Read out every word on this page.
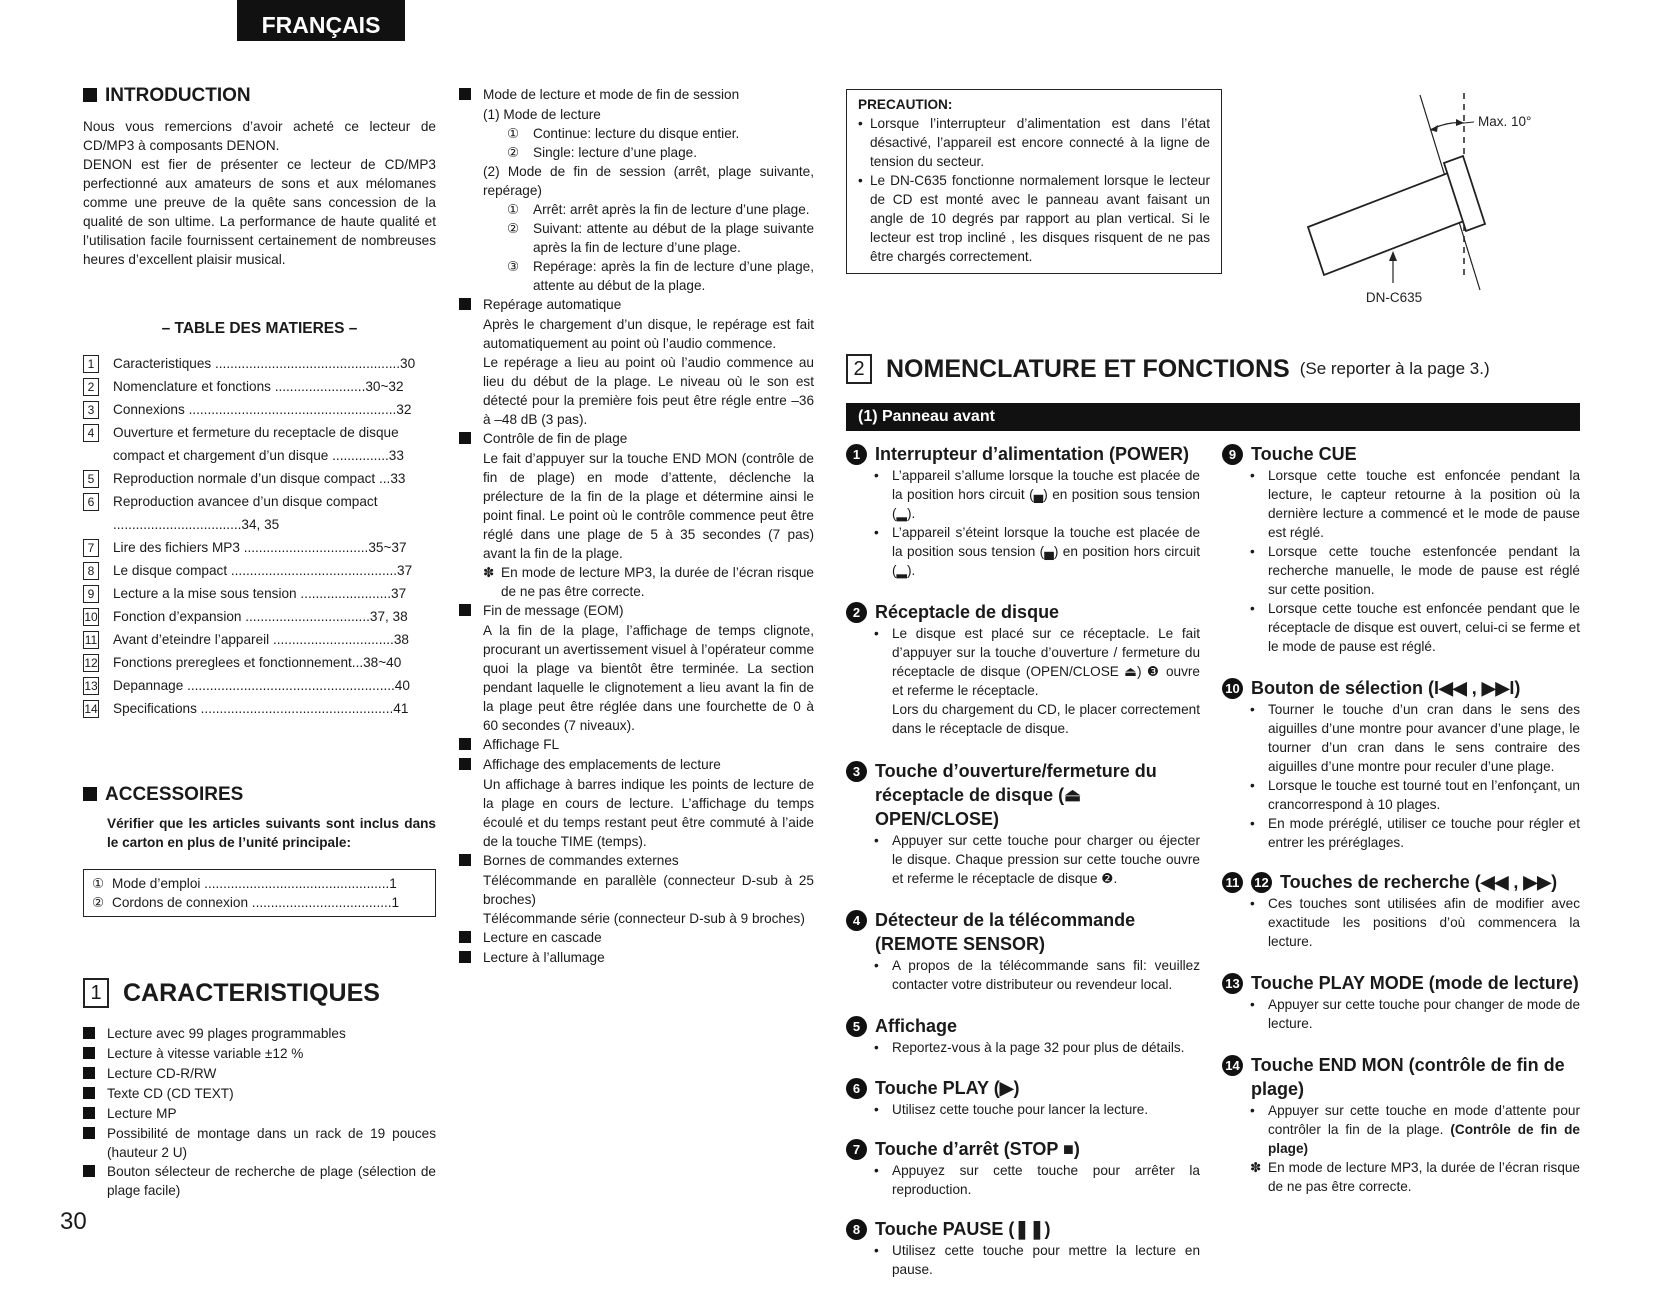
FRANÇAIS
INTRODUCTION
Nous vous remercions d’avoir acheté ce lecteur de CD/MP3 à composants DENON.
DENON est fier de présenter ce lecteur de CD/MP3 perfectionné aux amateurs de sons et aux mélomanes comme une preuve de la quête sans concession de la qualité de son ultime. La performance de haute qualité et l’utilisation facile fournissent certainement de nombreuses heures d’excellent plaisir musical.
– TABLE DES MATIERES –
1	Caracteristiques .................................................30
2	Nomenclature et fonctions ........................30~32
3	Connexions .......................................................32
4	Ouverture et fermeture du receptacle de disque compact et chargement d’un disque ...............33
5	Reproduction normale d’un disque compact ...33
6	Reproduction avancee d’un disque compact ..................................34, 35
7	Lire des fichiers MP3 .................................35~37
8	Le disque compact ............................................37
9	Lecture a la mise sous tension ........................37
10 Fonction d’expansion .................................37, 38
11 Avant d’eteindre l’appareil ................................38
12 Fonctions prereglees et fonctionnement...38~40
13 Depannage .......................................................40
14 Specifications ...................................................41
ACCESSOIRES
Vérifier que les articles suivants sont inclus dans le carton en plus de l’unité principale:
① Mode d’emploi .................................................1
② Cordons de connexion .....................................1
1 CARACTERISTIQUES
Lecture avec 99 plages programmables
Lecture à vitesse variable ±12 %
Lecture CD-R/RW
Texte CD (CD TEXT)
Lecture MP
Possibilité de montage dans un rack de 19 pouces (hauteur 2 U)
Bouton sélecteur de recherche de plage (sélection de plage facile)
30
Mode de lecture et mode de fin de session
(1) Mode de lecture
①	Continue: lecture du disque entier.
②	Single: lecture d’une plage.
(2) Mode de fin de session (arrêt, plage suivante, repérage)
①	Arrêt: arrêt après la fin de lecture d’une plage.
②	Suivant: attente au début de la plage suivante après la fin de lecture d’une plage.
③	Repérage: après la fin de lecture d’une plage, attente au début de la plage.
Repérage automatique
Après le chargement d’un disque, le repérage est fait automatiquement au point où l’audio commence.
Le repérage a lieu au point où l’audio commence au lieu du début de la plage. Le niveau où le son est détecté pour la première fois peut être régle entre –36 à –48 dB (3 pas).
Contrôle de fin de plage
Le fait d’appuyer sur la touche END MON (contrôle de fin de plage) en mode d’attente, déclenche la prélecture de la fin de la plage et détermine ainsi le point final. Le point où le contrôle commence peut être réglé dans une plage de 5 à 35 secondes (7 pas) avant la fin de la plage.
✽ En mode de lecture MP3, la durée de l’écran risque de ne pas être correcte.
Fin de message (EOM)
A la fin de la plage, l’affichage de temps clignote, procurant un avertissement visuel à l’opérateur comme quoi la plage va bientôt être terminée. La section pendant laquelle le clignotement a lieu avant la fin de la plage peut être réglée dans une fourchette de 0 à 60 secondes (7 niveaux).
Affichage FL
Affichage des emplacements de lecture
Un affichage à barres indique les points de lecture de la plage en cours de lecture. L’affichage du temps écoulé et du temps restant peut être commuté à l’aide de la touche TIME (temps).
Bornes de commandes externes
Télécommande en parallèle (connecteur D-sub à 25 broches)
Télécommande série (connecteur D-sub à 9 broches)
Lecture en cascade
Lecture à l’allumage
PRECAUTION:
• Lorsque l’interrupteur d’alimentation est dans l’état désactivé, l’appareil est encore connecté à la ligne de tension du secteur.
• Le DN-C635 fonctionne normalement lorsque le lecteur de CD est monté avec le panneau avant faisant un angle de 10 degrés par rapport au plan vertical. Si le lecteur est trop incliné , les disques risquent de ne pas être chargés correctement.
Max. 10°
DN-C635
2 NOMENCLATURE ET FONCTIONS (Se reporter à la page 3.)
(1) Panneau avant
1 Interrupteur d’alimentation (POWER)
• L’appareil s’allume lorsque la touche est placée de la position hors circuit (▄) en position sous tension (▂).
• L’appareil s’éteint lorsque la touche est placée de la position sous tension (▄) en position hors circuit (▂).
2 Réceptacle de disque
• Le disque est placé sur ce réceptacle. Le fait d’appuyer sur la touche d’ouverture / fermeture du réceptacle de disque (OPEN/CLOSE ⏏) ❸ ouvre et referme le réceptacle.
Lors du chargement du CD, le placer correctement dans le réceptacle de disque.
3 Touche d’ouverture/fermeture du réceptacle de disque (⏏ OPEN/CLOSE)
• Appuyer sur cette touche pour charger ou éjecter le disque. Chaque pression sur cette touche ouvre et referme le réceptacle de disque ❷.
4 Détecteur de la télécommande (REMOTE SENSOR)
• A propos de la télécommande sans fil: veuillez contacter votre distributeur ou revendeur local.
5 Affichage
• Reportez-vous à la page 32 pour plus de détails.
6 Touche PLAY (▶)
• Utilisez cette touche pour lancer la lecture.
7 Touche d’arrêt (STOP ■)
• Appuyez sur cette touche pour arrêter la reproduction.
8 Touche PAUSE (❚❚)
• Utilisez cette touche pour mettre la lecture en pause.
9 Touche CUE
• Lorsque cette touche est enfoncée pendant la lecture, le capteur retourne à la position où la dernière lecture a commencé et le mode de pause est réglé.
• Lorsque cette touche estenfoncée pendant la recherche manuelle, le mode de pause est réglé sur cette position.
• Lorsque cette touche est enfoncée pendant que le réceptacle de disque est ouvert, celui-ci se ferme et le mode de pause est réglé.
10 Bouton de sélection (I◀◀ , ▶▶I)
• Tourner le touche d’un cran dans le sens des aiguilles d’une montre pour avancer d’une plage, le tourner d’un cran dans le sens contraire des aiguilles d’une montre pour reculer d’une plage.
• Lorsque le touche est tourné tout en l’enfonçant, un crancorrespond à 10 plages.
• En mode préréglé, utiliser ce touche pour régler et entrer les préréglages.
11 12 Touches de recherche (◀◀ , ▶▶)
• Ces touches sont utilisées afin de modifier avec exactitude les positions d’où commencera la lecture.
13 Touche PLAY MODE (mode de lecture)
• Appuyer sur cette touche pour changer de mode de lecture.
14 Touche END MON (contrôle de fin de plage)
• Appuyer sur cette touche en mode d’attente pour contrôler la fin de la plage. (Contrôle de fin de plage)
✽ En mode de lecture MP3, la durée de l’écran risque de ne pas être correcte.
